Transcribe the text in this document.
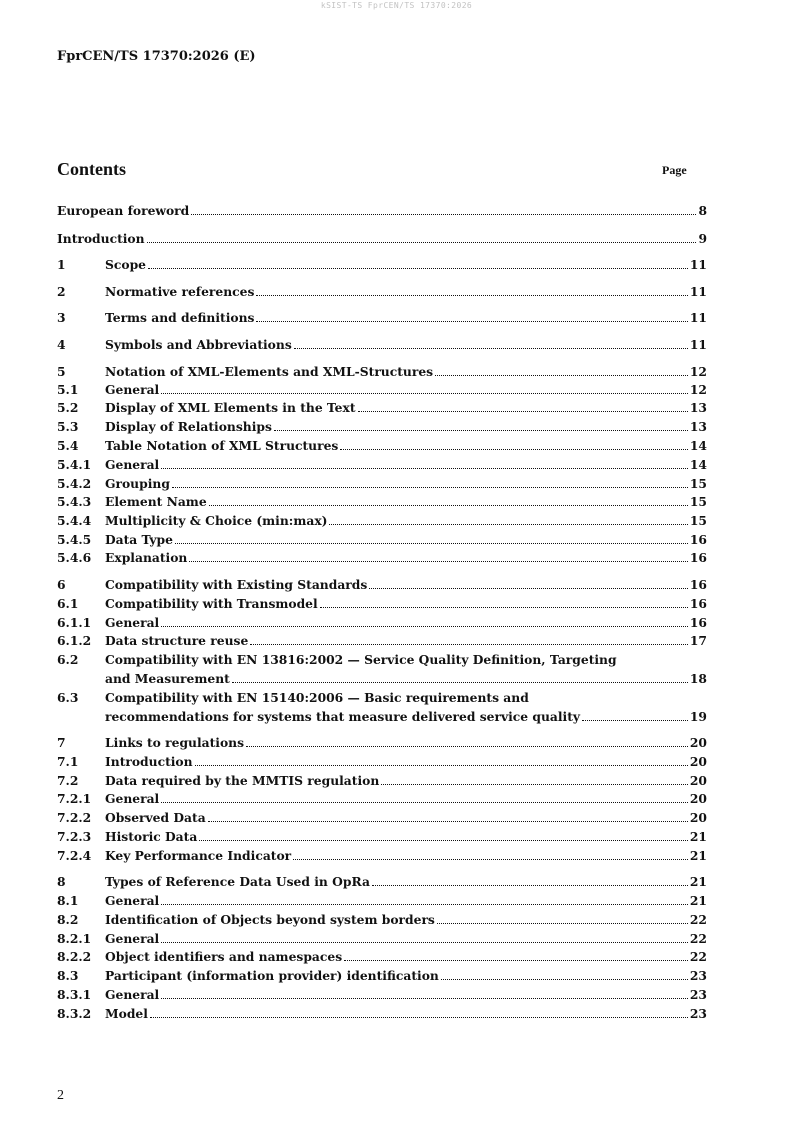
kSIST-TS FprCEN/TS 17370:2026
FprCEN/TS 17370:2026 (E)
Contents	Page
European foreword	8
Introduction	9
1	Scope	11
2	Normative references	11
3	Terms and definitions	11
4	Symbols and Abbreviations	11
5	Notation of XML-Elements and XML-Structures	12
5.1 General	12
5.2 Display of XML Elements in the Text	13
5.3 Display of Relationships	13
5.4 Table Notation of XML Structures	14
5.4.1 General	14
5.4.2 Grouping	15
5.4.3 Element Name	15
5.4.4 Multiplicity & Choice (min:max)	15
5.4.5 Data Type	16
5.4.6 Explanation	16
6	Compatibility with Existing Standards	16
6.1 Compatibility with Transmodel	16
6.1.1 General	16
6.1.2 Data structure reuse	17
6.2 Compatibility with EN 13816:2002 — Service Quality Definition, Targeting
and Measurement	18
6.3 Compatibility with EN 15140:2006 — Basic requirements and
recommendations for systems that measure delivered service quality	19
7	Links to regulations	20
7.1 Introduction	20
7.2 Data required by the MMTIS regulation	20
7.2.1 General	20
7.2.2 Observed Data	20
7.2.3 Historic Data	21
7.2.4 Key Performance Indicator	21
8	Types of Reference Data Used in OpRa	21
8.1 General	21
8.2 Identification of Objects beyond system borders	22
8.2.1 General	22
8.2.2 Object identifiers and namespaces	22
8.3 Participant (information provider) identification	23
8.3.1 General	23
8.3.2 Model	23
2
